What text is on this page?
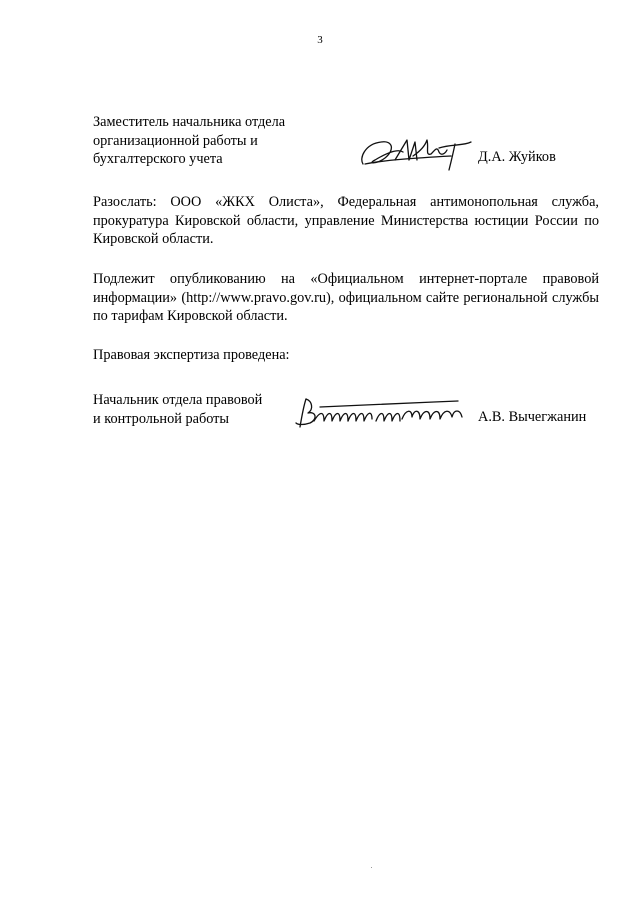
3
Заместитель начальника отдела
организационной работы и
бухгалтерского учета	Д.А. Жуйков
Разослать: ООО «ЖКХ Олиста», Федеральная антимонопольная служба, прокуратура Кировской области, управление Министерства юстиции России по Кировской области.
Подлежит опубликованию на «Официальном интернет-портале правовой информации» (http://www.pravo.gov.ru), официальном сайте региональной службы по тарифам Кировской области.
Правовая экспертиза проведена:
Начальник отдела правовой
и контрольной работы	А.В. Вычегжанин
